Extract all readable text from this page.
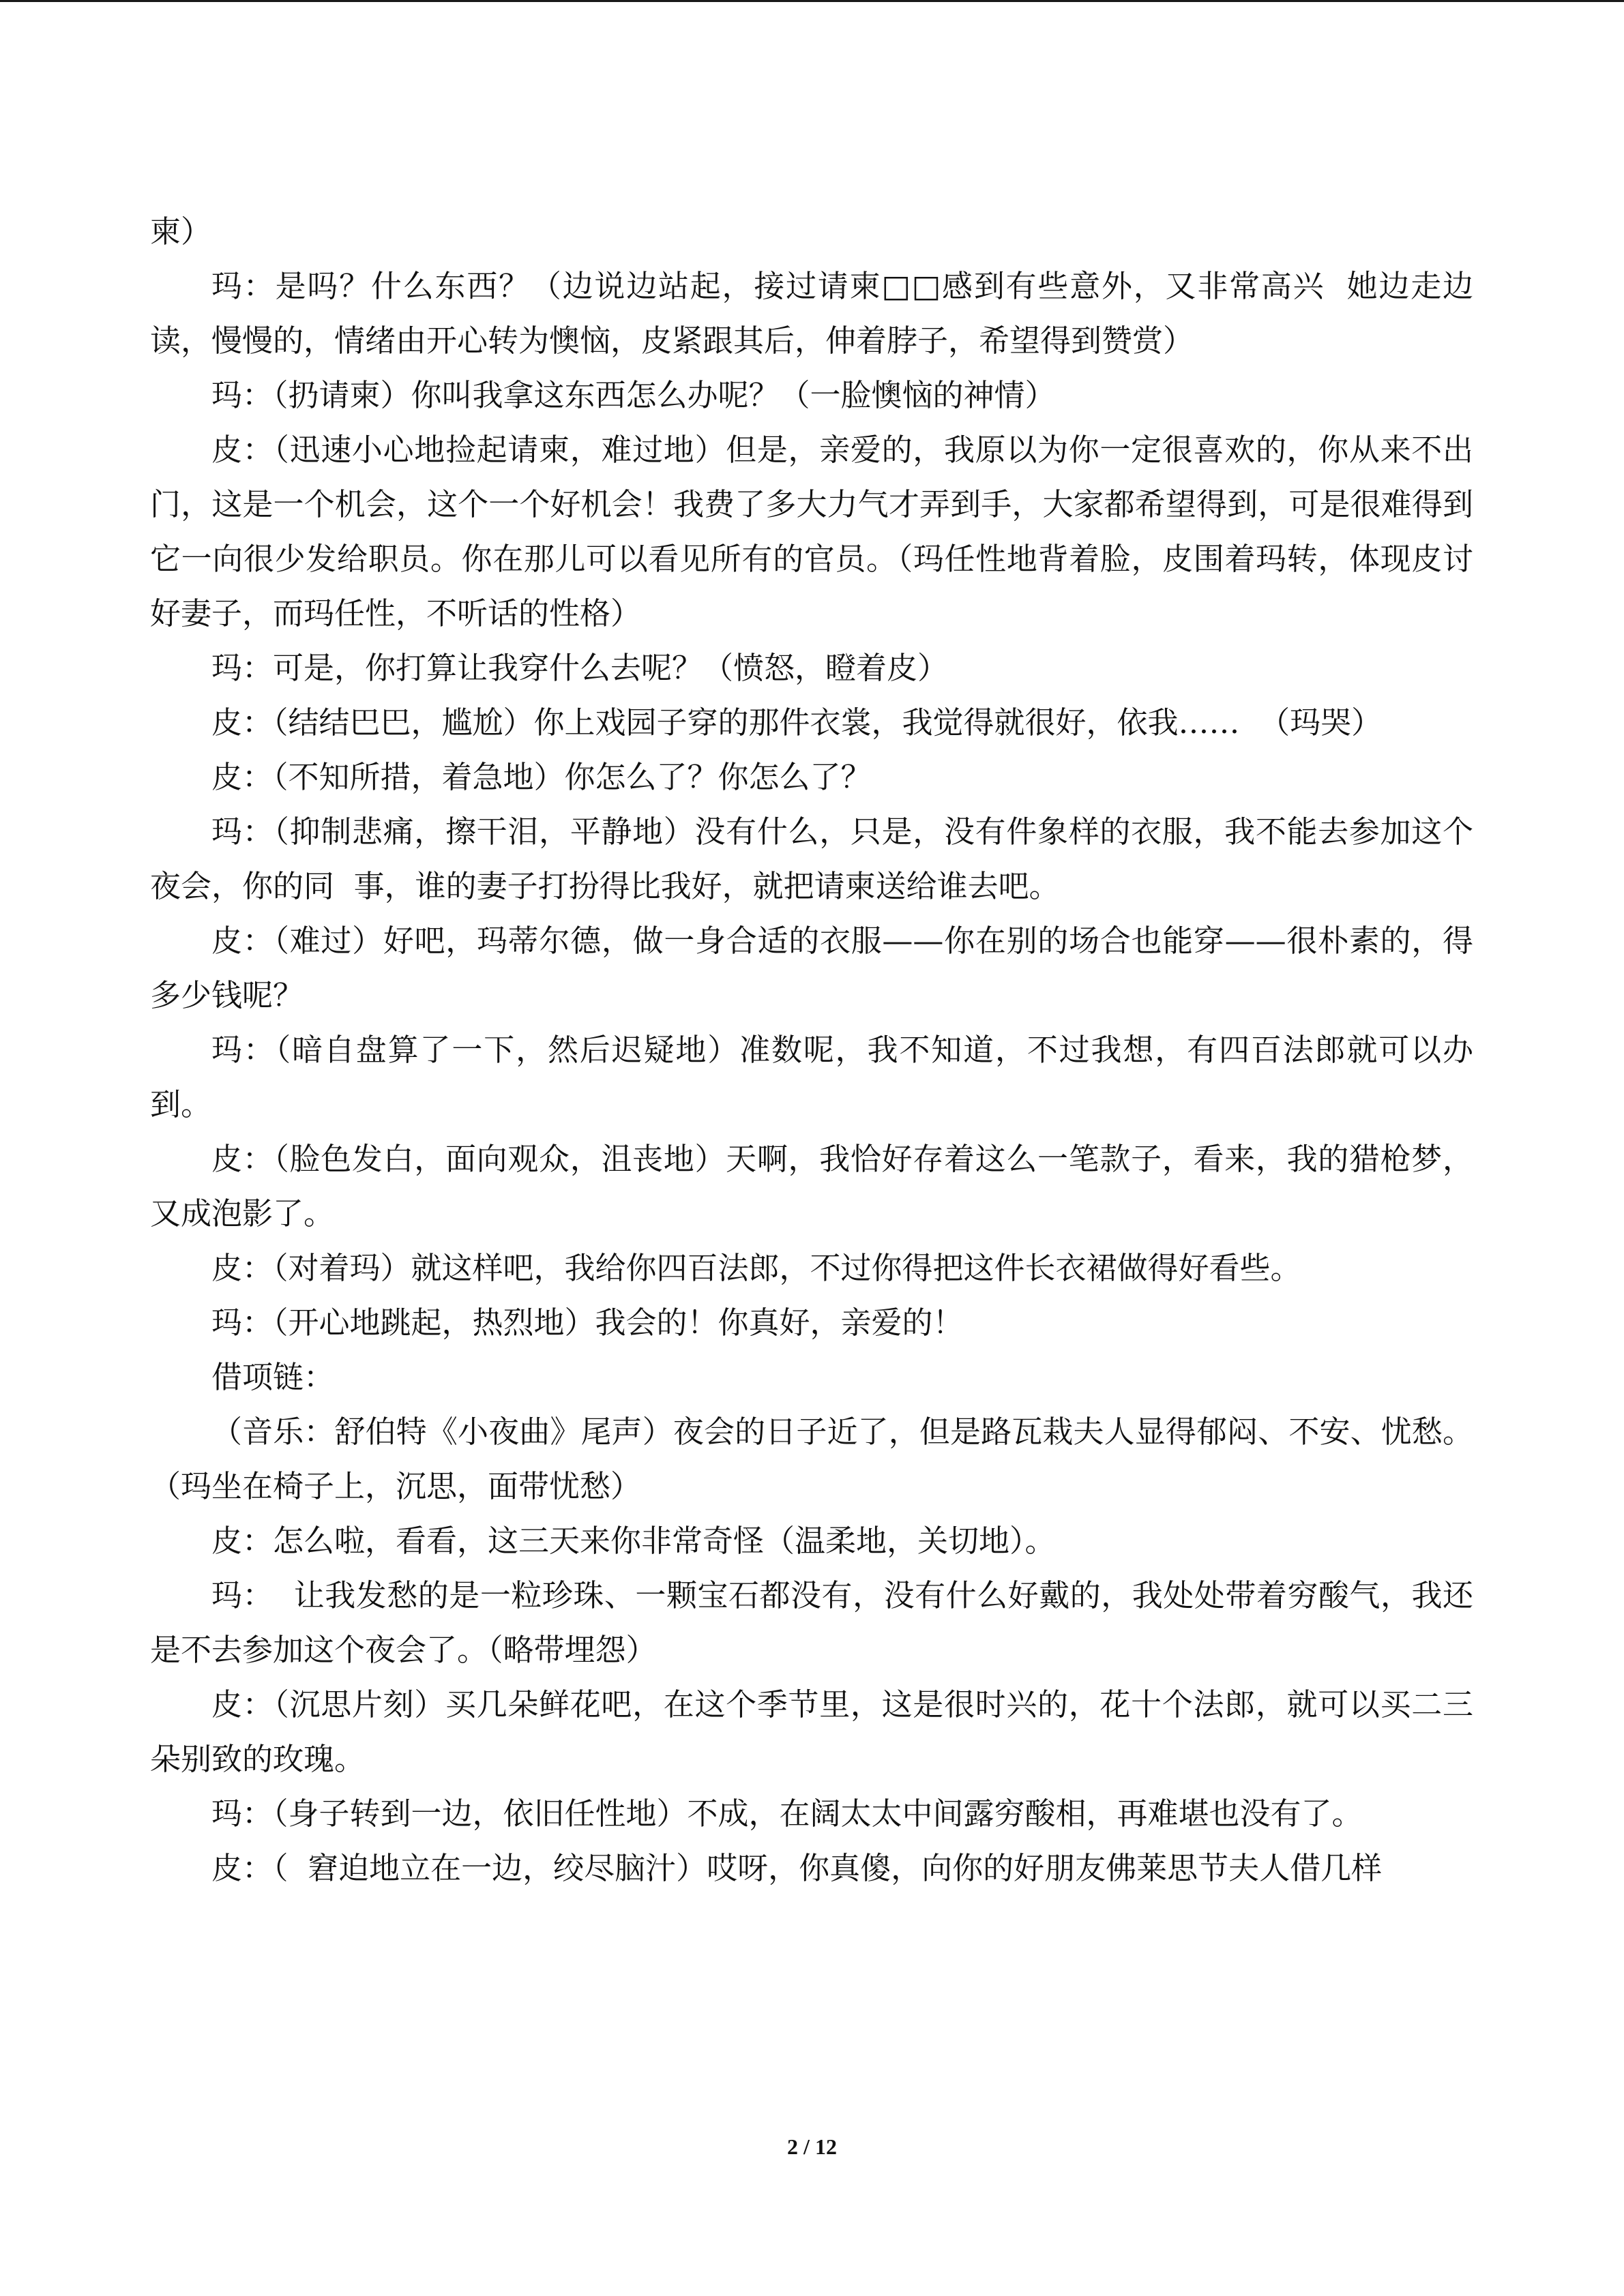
柬）

玛：是吗？什么东西？（边说边站起，接过请柬□□感到有些意外，又非常高兴  她边走边读，慢慢的，情绪由开心转为懊恼，皮紧跟其后，伸着脖子，希望得到赞赏）

玛：（扔请柬）你叫我拿这东西怎么办呢？（一脸懊恼的神情）

皮：（迅速小心地捡起请柬，难过地）但是，亲爱的，我原以为你一定很喜欢的，你从来不出门，这是一个机会，这个一个好机会！我费了多大力气才弄到手，大家都希望得到，可是很难得到它一向很少发给职员。你在那儿可以看见所有的官员。（玛任性地背着脸，皮围着玛转，体现皮讨好妻子，而玛任性，不听话的性格）

玛：可是，你打算让我穿什么去呢？（愤怒，瞪着皮）

皮：（结结巴巴，尴尬）你上戏园子穿的那件衣裳，我觉得就很好，依我……  （玛哭）

皮：（不知所措，着急地）你怎么了？你怎么了？

玛：（抑制悲痛，擦干泪，平静地）没有什么，只是，没有件象样的衣服，我不能去参加这个夜会，你的同  事，谁的妻子打扮得比我好，就把请柬送给谁去吧。

皮：（难过）好吧，玛蒂尔德，做一身合适的衣服——你在别的场合也能穿——很朴素的，得多少钱呢？

玛：（暗自盘算了一下，然后迟疑地）准数呢，我不知道，不过我想，有四百法郎就可以办到。

皮：（脸色发白，面向观众，沮丧地）天啊，我恰好存着这么一笔款子，看来，我的猎枪梦，又成泡影了。

皮：（对着玛）就这样吧，我给你四百法郎，不过你得把这件长衣裙做得好看些。

玛：（开心地跳起，热烈地）我会的！你真好，亲爱的！

借项链：

（音乐：舒伯特《小夜曲》尾声）夜会的日子近了，但是路瓦栽夫人显得郁闷、不安、忧愁。（玛坐在椅子上，沉思，面带忧愁）

皮：怎么啦，看看，这三天来你非常奇怪（温柔地，关切地）。

玛：  让我发愁的是一粒珍珠、一颗宝石都没有，没有什么好戴的，我处处带着穷酸气，我还是不去参加这个夜会了。（略带埋怨）

皮：（沉思片刻）买几朵鲜花吧，在这个季节里，这是很时兴的，花十个法郎，就可以买二三朵别致的玫瑰。

玛：（身子转到一边，依旧任性地）不成，在阔太太中间露穷酸相，再难堪也没有了。

皮：（  窘迫地立在一边，绞尽脑汁）哎呀，你真傻，向你的好朋友佛莱思节夫人借几样

2 / 12
